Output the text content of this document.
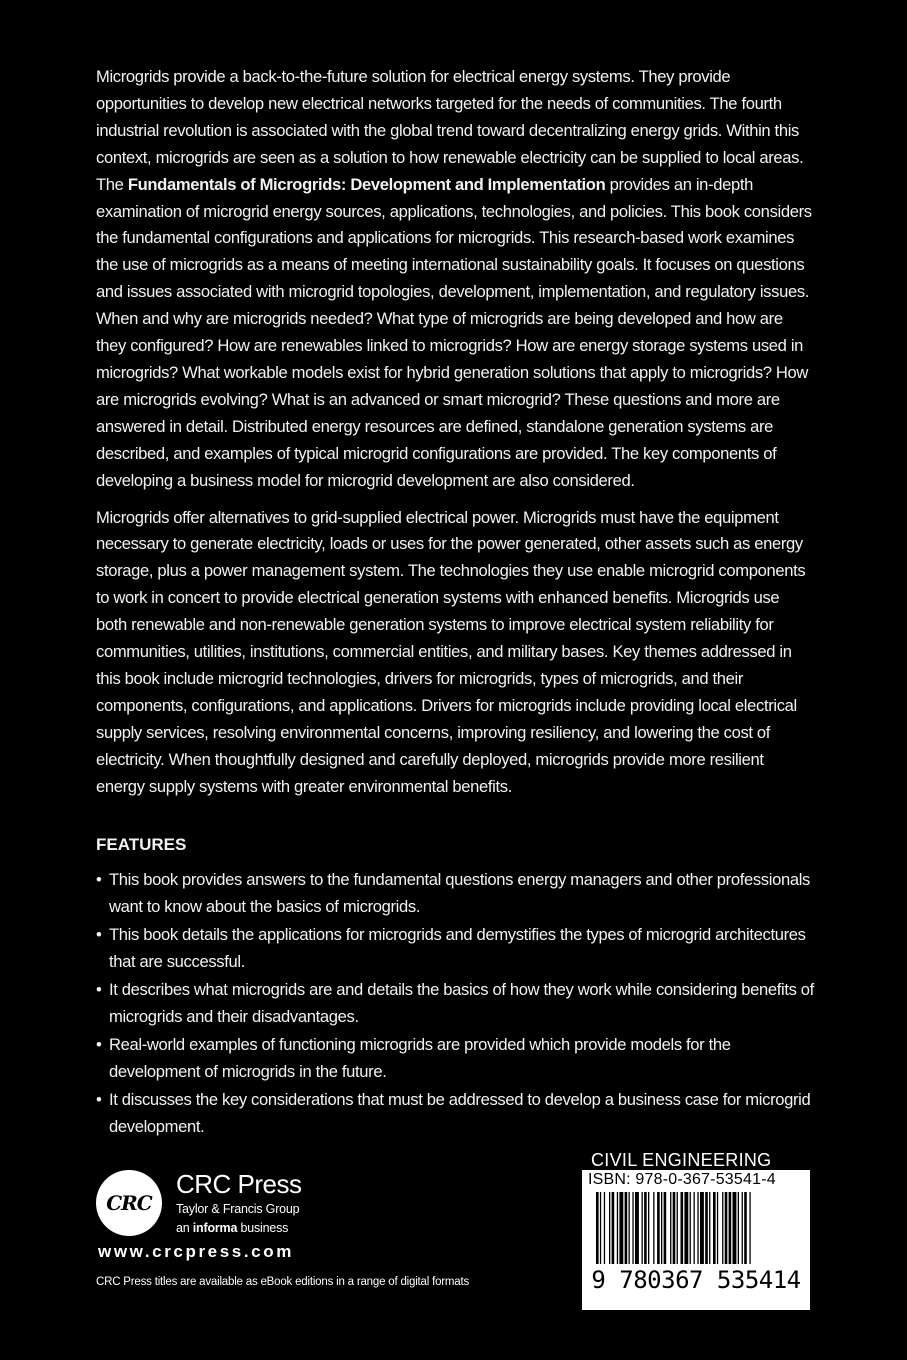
Microgrids provide a back-to-the-future solution for electrical energy systems. They provide opportunities to develop new electrical networks targeted for the needs of communities. The fourth industrial revolution is associated with the global trend toward decentralizing energy grids. Within this context, microgrids are seen as a solution to how renewable electricity can be supplied to local areas. The Fundamentals of Microgrids: Development and Implementation provides an in-depth examination of microgrid energy sources, applications, technologies, and policies. This book considers the fundamental configurations and applications for microgrids. This research-based work examines the use of microgrids as a means of meeting international sustainability goals. It focuses on questions and issues associated with microgrid topologies, development, implementation, and regulatory issues. When and why are microgrids needed? What type of microgrids are being developed and how are they configured? How are renewables linked to microgrids? How are energy storage systems used in microgrids? What workable models exist for hybrid generation solutions that apply to microgrids? How are microgrids evolving? What is an advanced or smart microgrid? These questions and more are answered in detail. Distributed energy resources are defined, standalone generation systems are described, and examples of typical microgrid configurations are provided. The key components of developing a business model for microgrid development are also considered.

Microgrids offer alternatives to grid-supplied electrical power. Microgrids must have the equipment necessary to generate electricity, loads or uses for the power generated, other assets such as energy storage, plus a power management system. The technologies they use enable microgrid components to work in concert to provide electrical generation systems with enhanced benefits. Microgrids use both renewable and non-renewable generation systems to improve electrical system reliability for communities, utilities, institutions, commercial entities, and military bases. Key themes addressed in this book include microgrid technologies, drivers for microgrids, types of microgrids, and their components, configurations, and applications. Drivers for microgrids include providing local electrical supply services, resolving environmental concerns, improving resiliency, and lowering the cost of electricity. When thoughtfully designed and carefully deployed, microgrids provide more resilient energy supply systems with greater environmental benefits.

FEATURES
• This book provides answers to the fundamental questions energy managers and other professionals want to know about the basics of microgrids.
• This book details the applications for microgrids and demystifies the types of microgrid architectures that are successful.
• It describes what microgrids are and details the basics of how they work while considering benefits of microgrids and their disadvantages.
• Real-world examples of functioning microgrids are provided which provide models for the development of microgrids in the future.
• It discusses the key considerations that must be addressed to develop a business case for microgrid development.
CRC
CRC Press
Taylor & Francis Group
an informa business
www.crcpress.com
CRC Press titles are available as eBook editions in a range of digital formats
CIVIL ENGINEERING
ISBN: 978-0-367-53541-4
9 780367 535414
